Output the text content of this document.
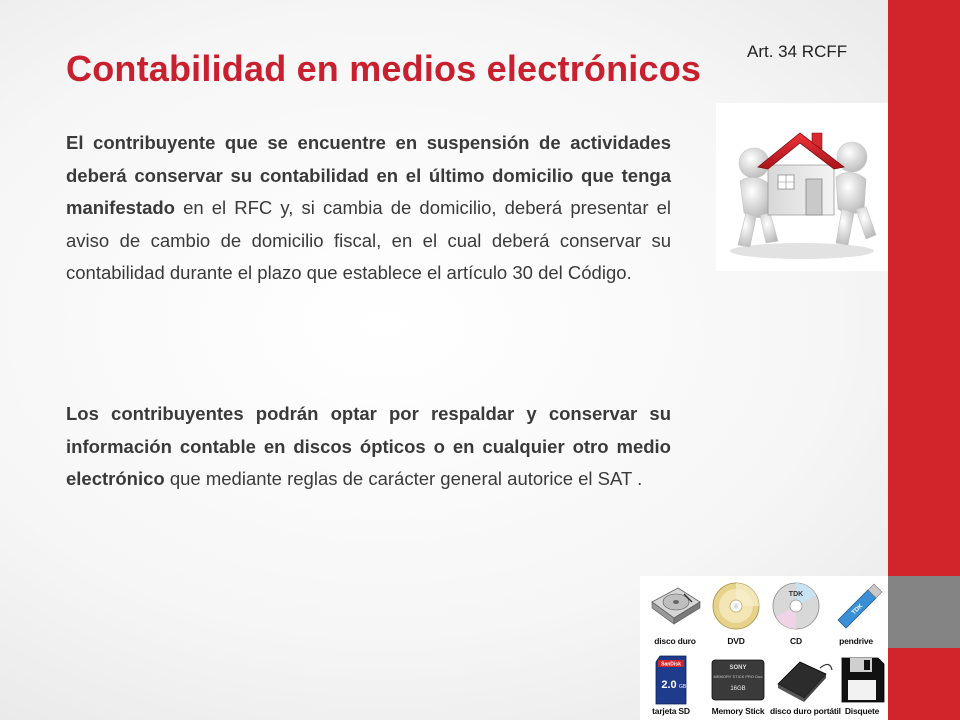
Art. 34 RCFF
Contabilidad en medios electrónicos

El contribuyente que se encuentre en suspensión de actividades deberá conservar su contabilidad en el último domicilio que tenga manifestado en el RFC y, si cambia de domicilio, deberá presentar el aviso de cambio de domicilio fiscal, en el cual deberá conservar su contabilidad durante el plazo que establece el artículo 30 del Código.

Los contribuyentes podrán optar por respaldar y conservar su información contable en discos ópticos o en cualquier otro medio electrónico que mediante reglas de carácter general autorice el SAT .

disco duro	DVD
TDK
CD
TDK
pendrive
SanDisk
2.0 GB
tarjeta SD
SONY
MEMORY STICK PRO Duo
16GB
Memory Stick disco duro portátil Disquete
